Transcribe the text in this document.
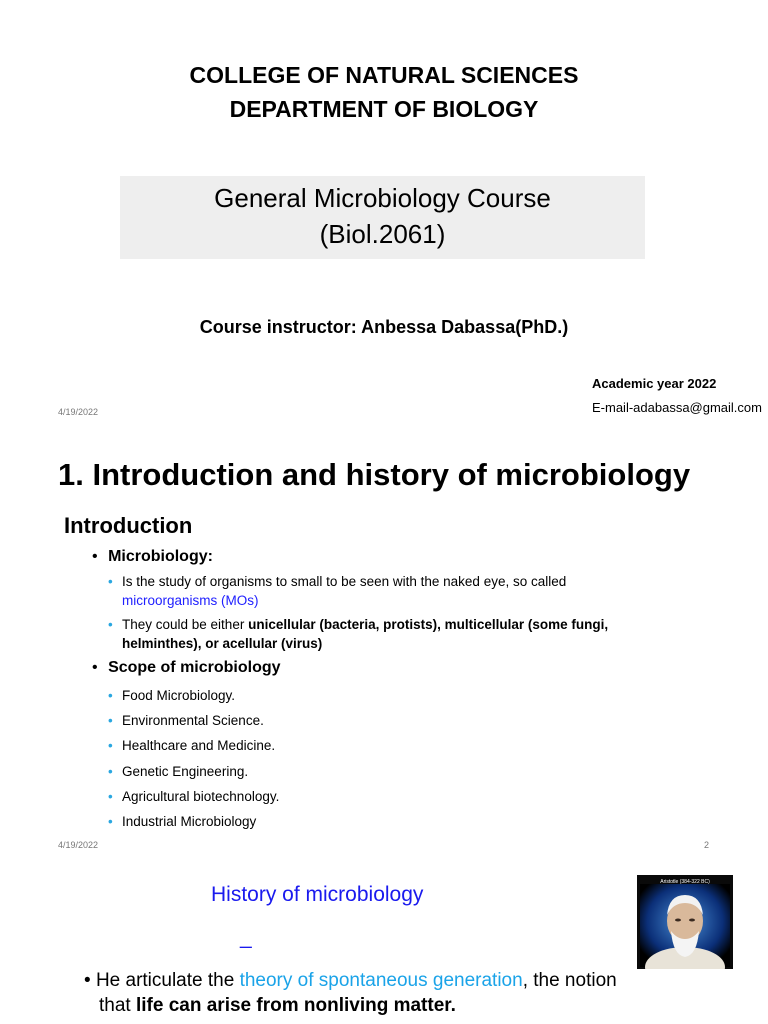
COLLEGE OF NATURAL SCIENCES
DEPARTMENT OF BIOLOGY
General Microbiology Course
(Biol.2061)
Course instructor: Anbessa Dabassa(PhD.)
Academic year 2022
E-mail-adabassa@gmail.com
4/19/2022
1. Introduction and history of microbiology
Introduction
• Microbiology:
• Is the study of organisms to small to be seen with the naked eye, so called
microorganisms (MOs)
• They could be either unicellular (bacteria, protists), multicellular (some fungi,
helminthes), or acellular (virus)
• Scope of microbiology
• Food Microbiology.
• Environmental Science.
• Healthcare and Medicine.
• Genetic Engineering.
• Agricultural biotechnology.
• Industrial Microbiology
4/19/2022	2
History of microbiology
_
Aristotle (384-322 BC)
• He articulate the theory of spontaneous generation, the notion
that life can arise from nonliving matter.
